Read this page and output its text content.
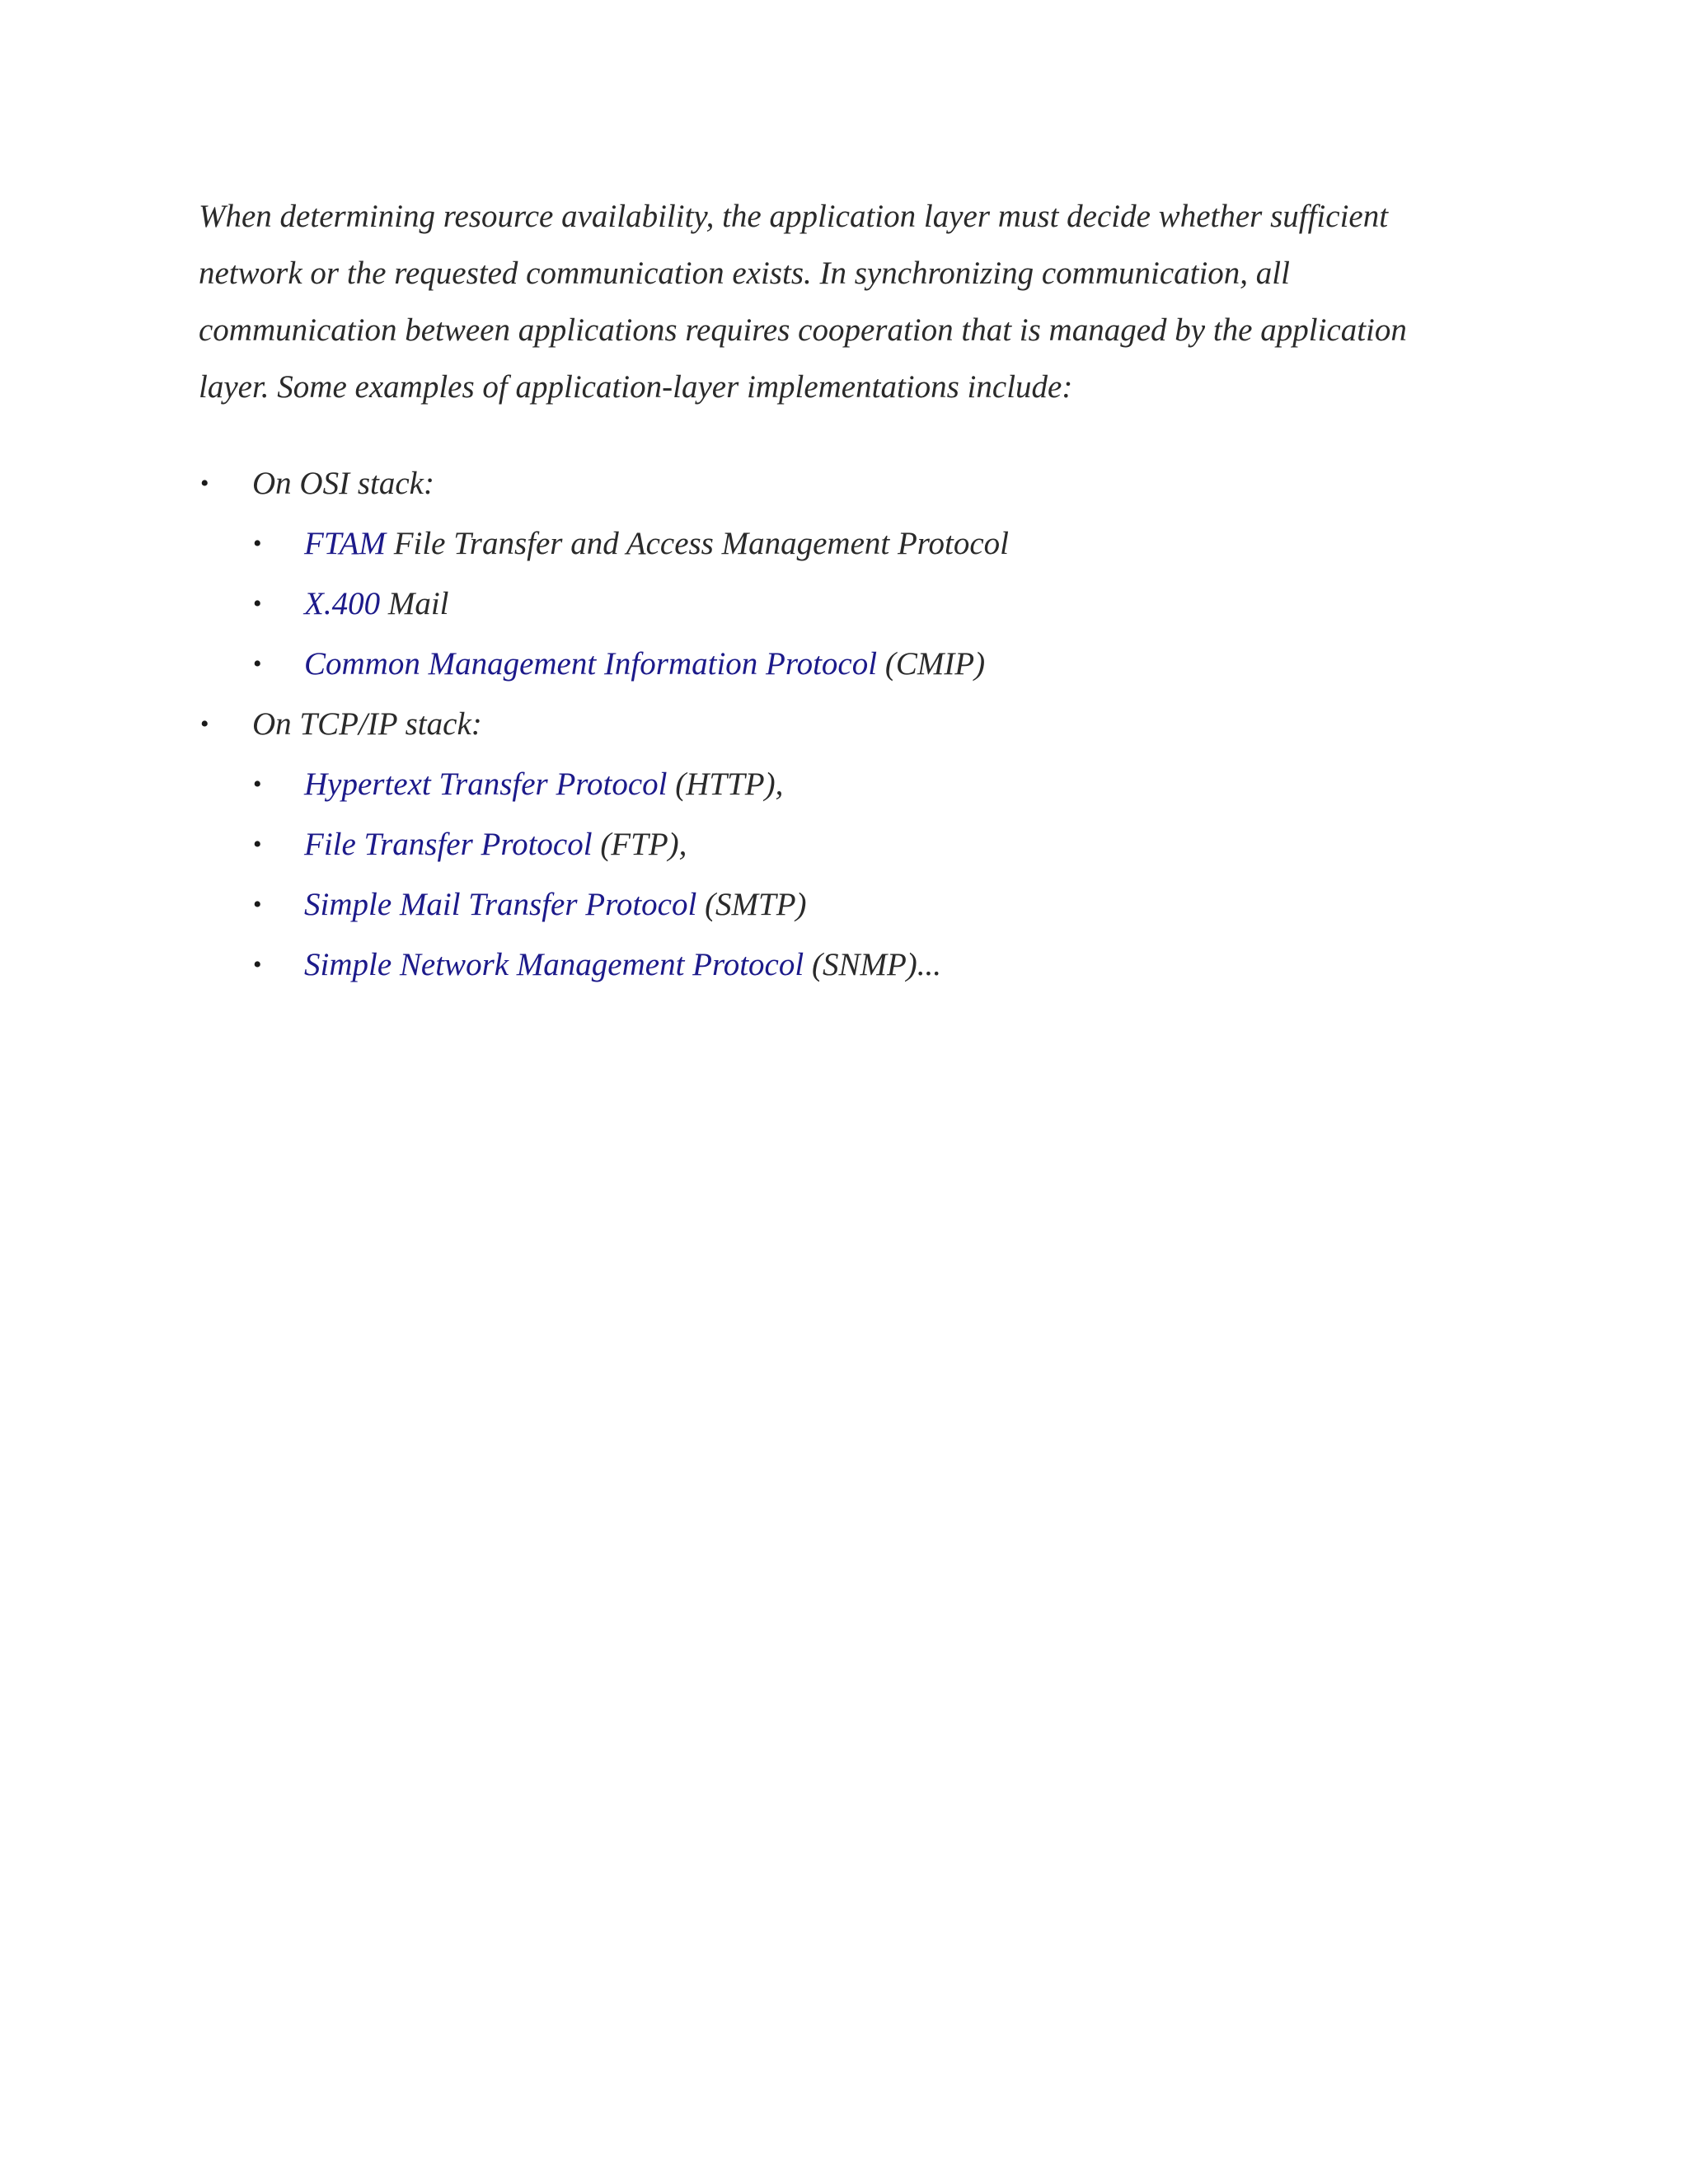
When determining resource availability, the application layer must decide whether sufficient
network or the requested communication exists. In synchronizing communication, all
communication between applications requires cooperation that is managed by the application
layer. Some examples of application-layer implementations include:

• On OSI stack:
• FTAM File Transfer and Access Management Protocol
• X.400 Mail
• Common Management Information Protocol (CMIP)
• On TCP/IP stack:
• Hypertext Transfer Protocol (HTTP),
• File Transfer Protocol (FTP),
• Simple Mail Transfer Protocol (SMTP)
• Simple Network Management Protocol (SNMP)...
